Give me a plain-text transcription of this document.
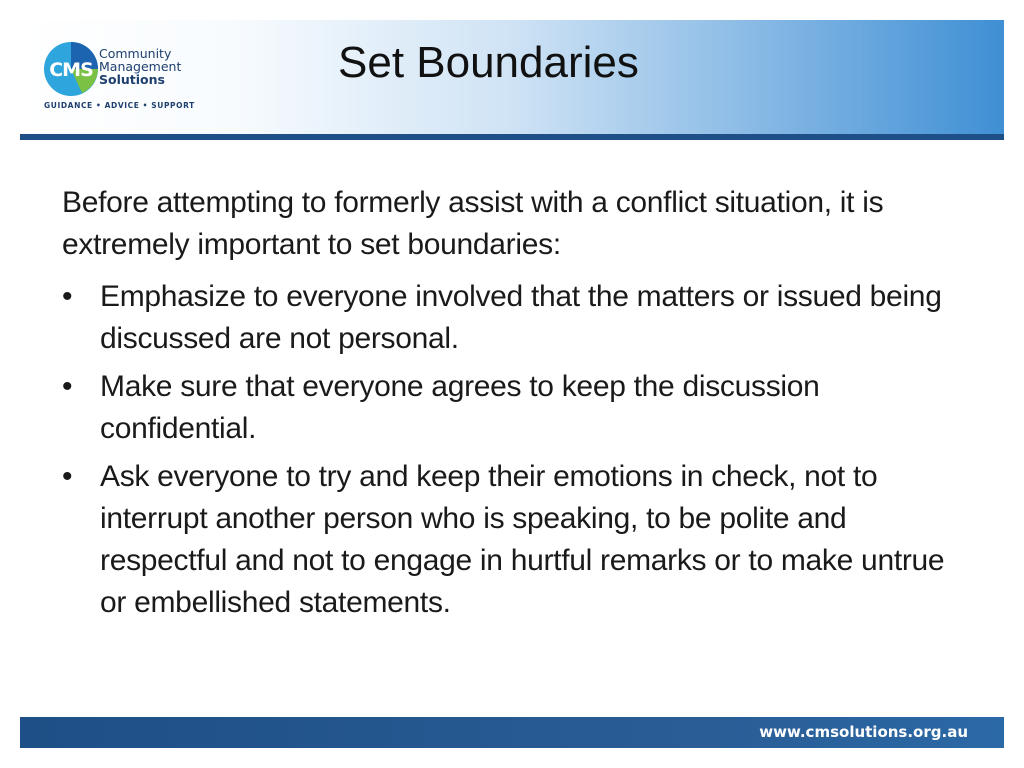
CMS
Community
Management
Solutions
GUIDANCE • ADVICE • SUPPORT
Set Boundaries

Before attempting to formerly assist with a conflict situation, it is extremely important to set boundaries:

• Emphasize to everyone involved that the matters or issued being discussed are not personal.
• Make sure that everyone agrees to keep the discussion confidential.
• Ask everyone to try and keep their emotions in check, not to interrupt another person who is speaking, to be polite and respectful and not to engage in hurtful remarks or to make untrue or embellished statements.
www.cmsolutions.org.au
